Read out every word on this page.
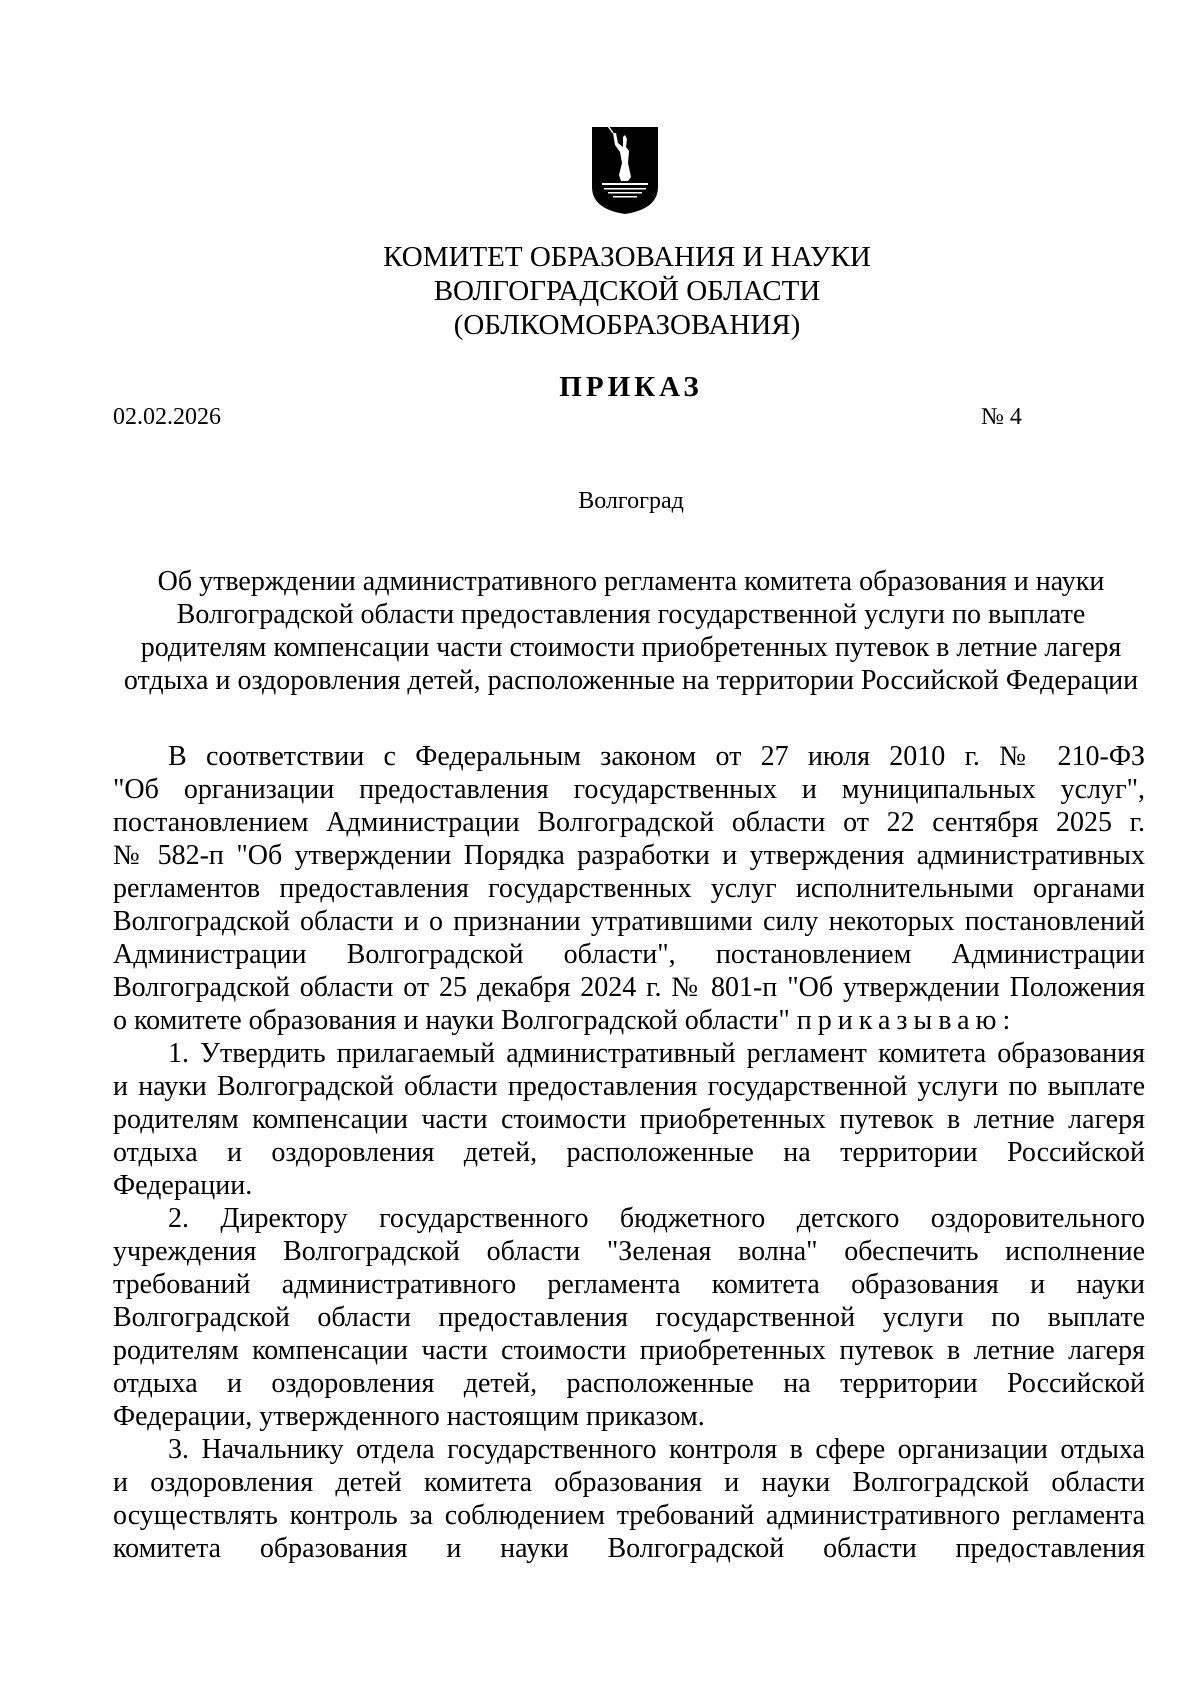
КОМИТЕТ ОБРАЗОВАНИЯ И НАУКИ
ВОЛГОГРАДСКОЙ ОБЛАСТИ
(ОБЛКОМОБРАЗОВАНИЯ)
ПРИКАЗ
02.02.2026	№ 4
Волгоград
Об утверждении административного регламента комитета образования и науки
Волгоградской области предоставления государственной услуги по выплате
родителям компенсации части стоимости приобретенных путевок в летние лагеря
отдыха и оздоровления детей, расположенные на территории Российской Федерации
В соответствии с Федеральным законом от 27 июля 2010 г. № 210-ФЗ
"Об организации предоставления государственных и муниципальных услуг",
постановлением Администрации Волгоградской области от 22 сентября 2025 г.
№ 582-п "Об утверждении Порядка разработки и утверждения административных
регламентов предоставления государственных услуг исполнительными органами
Волгоградской области и о признании утратившими силу некоторых постановлений
Администрации Волгоградской области", постановлением Администрации
Волгоградской области от 25 декабря 2024 г. № 801-п "Об утверждении Положения
о комитете образования и науки Волгоградской области" приказываю:
1. Утвердить прилагаемый административный регламент комитета образования
и науки Волгоградской области предоставления государственной услуги по выплате
родителям компенсации части стоимости приобретенных путевок в летние лагеря
отдыха и оздоровления детей, расположенные на территории Российской
Федерации.
2. Директору государственного бюджетного детского оздоровительного
учреждения Волгоградской области "Зеленая волна" обеспечить исполнение
требований административного регламента комитета образования и науки
Волгоградской области предоставления государственной услуги по выплате
родителям компенсации части стоимости приобретенных путевок в летние лагеря
отдыха и оздоровления детей, расположенные на территории Российской
Федерации, утвержденного настоящим приказом.
3. Начальнику отдела государственного контроля в сфере организации отдыха
и оздоровления детей комитета образования и науки Волгоградской области
осуществлять контроль за соблюдением требований административного регламента
комитета образования и науки Волгоградской области предоставления
